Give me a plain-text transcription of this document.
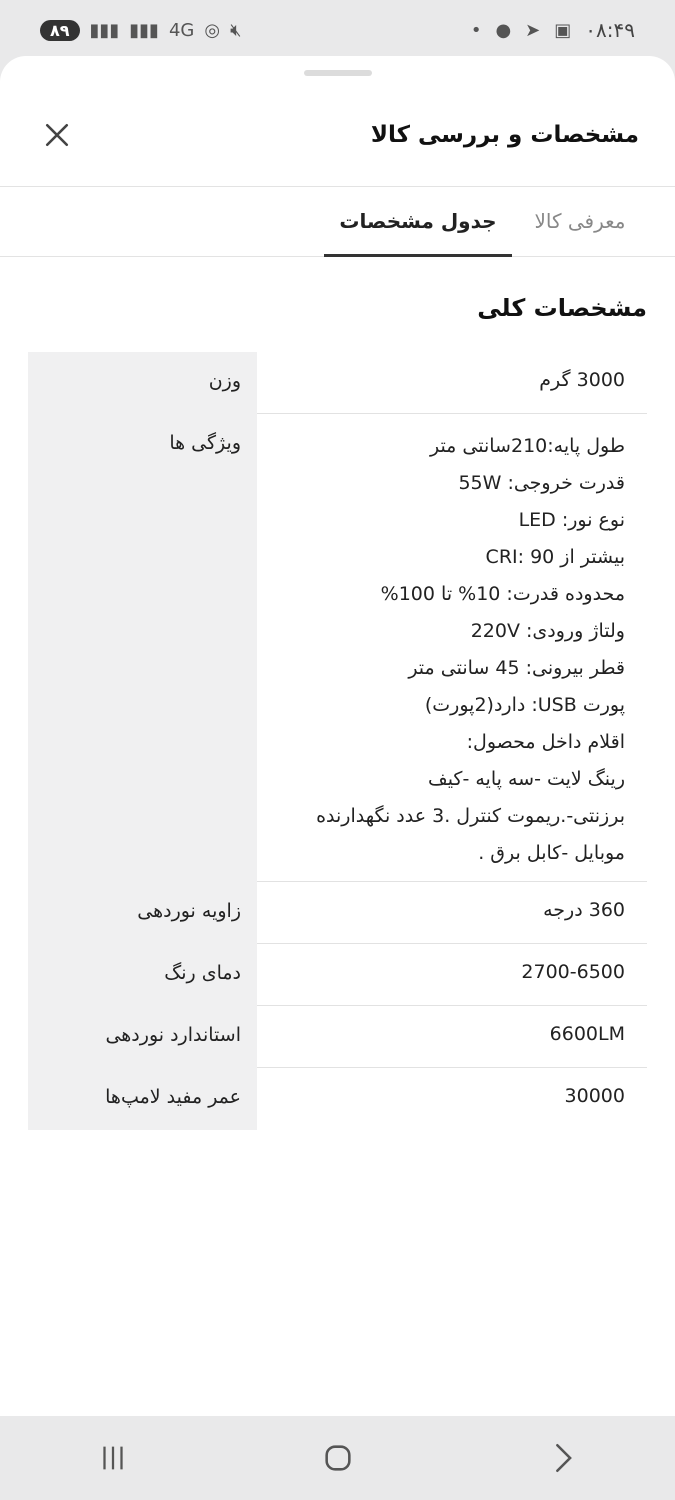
۸۹	▮▮▮ ▮▮▮ 4G ◎ 🔇︎	• ● ➤ ▣ ۰۸:۴۹
مشخصات و بررسی کالا
معرفی کالا
جدول مشخصات
مشخصات کلی
وزن	3000 گرم
ویژگی ها	طول پایه:210سانتی متر
قدرت خروجی: 55W
نوع نور: LED
بیشتر از 90 :CRI
محدوده قدرت: 10% تا 100%
ولتاژ ورودی: 220V
قطر بیرونی: 45 سانتی متر
پورت USB: دارد(2پورت)
اقلام داخل محصول:
رینگ لایت -سه پایه -کیف
برزنتی-.ریموت کنترل .3 عدد نگهدارنده
موبایل -کابل برق .
زاویه نوردهی	360 درجه
دمای رنگ	2700-6500
استاندارد نوردهی	6600LM
عمر مفید لامپ‌ها	30000
